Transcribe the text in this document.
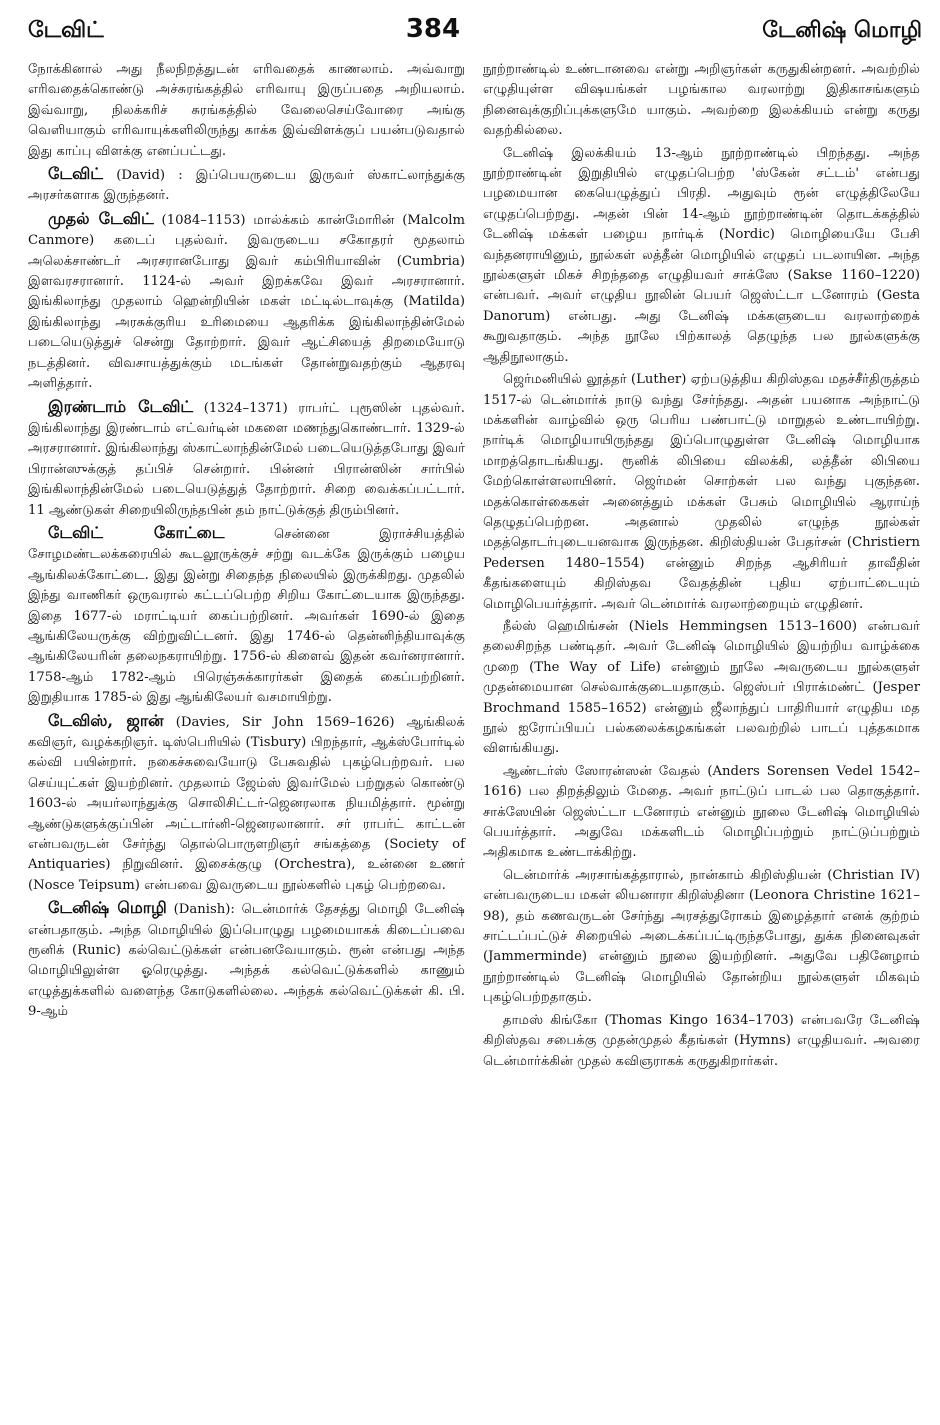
டேவிட்	384	டேனிஷ் மொழி

நோக்கினால் அது நீலநிறத்துடன் எரிவதைக் காணலாம். அவ்வாறு எரிவதைக்கொண்டு அச்சுரங்கத்தில் எரிவாயு இருப்பதை அறியலாம். இவ்வாறு, நிலக்கரிச் சுரங்கத்தில் வேலைசெய்வோரை அங்கு வெளியாகும் எரிவாயுக்களிலிருந்து காக்க இவ்விளக்குப் பயன்படுவதால் இது காப்பு விளக்கு எனப்பட்டது.

டேவிட் (David) : இப்பெயருடைய இருவர் ஸ்காட்லாந்துக்கு அரசர்களாக இருந்தனர்.

முதல் டேவிட் (1084–1153) மால்க்கம் கான்மோரின் (Malcolm Canmore) கடைப் புதல்வர். இவருடைய சகோதரர் மூதலாம் அலெக்சாண்டர் அரசரானபோது இவர் கம்பிரியாவின் (Cumbria) இளவரசரானார். 1124-ல் அவர் இறக்கவே இவர் அரசரானார். இங்கிலாந்து முதலாம் ஹென்றியின் மகள் மட்டில்டாவுக்கு (Matilda) இங்கிலாந்து அரசுக்குரிய உரிமையை ஆதரிக்க இங்கிலாந்தின்மேல் படையெடுத்துச் சென்று தோற்றார். இவர் ஆட்சியைத் திறமையோடு நடத்தினர். விவசாயத்துக்கும் மடங்கள் தோன்றுவதற்கும் ஆதரவு அளித்தார்.

இரண்டாம் டேவிட் (1324–1371) ராபர்ட் புரூஸின் புதல்வர். இங்கிலாந்து இரண்டாம் எட்வர்டின் மகளை மணந்துகொண்டார். 1329-ல் அரசரானார். இங்கிலாந்து ஸ்காட்லாந்தின்மேல் படையெடுத்தபோது இவர் பிரான்ஸுக்குத் தப்பிச் சென்றார். பின்னர் பிரான்ஸின் சார்பில் இங்கிலாந்தின்மேல் படையெடுத்துத் தோற்றார். சிறை வைக்கப்பட்டார். 11 ஆண்டுகள் சிறையிலிருந்தபின் தம் நாட்டுக்குத் திரும்பினர்.

டேவிட் கோட்டை சென்னை இராச்சியத்தில் சோழமண்டலக்கரையில் கூடலூருக்குச் சற்று வடக்கே இருக்கும் பழைய ஆங்கிலக்கோட்டை. இது இன்று சிதைந்த நிலையில் இருக்கிறது. முதலில் இந்து வாணிகர் ஒருவரால் கட்டப்பெற்ற சிறிய கோட்டையாக இருந்தது. இதை 1677-ல் மராட்டியர் கைப்பற்றினர். அவர்கள் 1690-ல் இதை ஆங்கிலேயருக்கு விற்றுவிட்டனர். இது 1746-ல் தென்னிந்தியாவுக்கு ஆங்கிலேயரின் தலைநகராயிற்று. 1756-ல் கிளைவ் இதன் கவர்னரானார். 1758-ஆம் 1782-ஆம் பிரெஞ்சுக்காரர்கள் இதைக் கைப்பற்றினர். இறுதியாக 1785-ல் இது ஆங்கிலேயர் வசமாயிற்று.

டேவிஸ், ஜான் (Davies, Sir John 1569–1626) ஆங்கிலக் கவிஞர், வழக்கறிஞர். டிஸ்பெரியில் (Tisbury) பிறந்தார், ஆக்ஸ்போர்டில் கல்வி பயின்றார். நகைச்சுவையோடு பேசுவதில் புகழ்பெற்றவர். பல செய்யுட்கள் இயற்றினர். முதலாம் ஜேம்ஸ் இவர்மேல் பற்றுதல் கொண்டு 1603-ல் அயர்லாந்துக்கு சொலிசிட்டர்-ஜெனரலாக நியமித்தார். மூன்று ஆண்டுகளுக்குப்பின் அட்டார்னி-ஜெனரலானார். சர் ராபர்ட் காட்டன் என்பவருடன் சேர்ந்து தொல்பொருளறிஞர் சங்கத்தை (Society of Antiquaries) நிறுவினர். இசைக்குழு (Orchestra), உன்னை உணர் (Nosce Teipsum) என்பவை இவருடைய நூல்களில் புகழ் பெற்றவை.

டேனிஷ் மொழி (Danish): டென்மார்க் தேசத்து மொழி டேனிஷ் என்பதாகும். அந்த மொழியில் இப்பொழுது பழமையாகக் கிடைப்பவை ரூனிக் (Runic) கல்வெட்டுக்கள் என்பனவேயாகும். ரூன் என்பது அந்த மொழியிலுள்ள ஓரெழுத்து. அந்தக் கல்வெட்டுக்களில் காணும் எழுத்துக்களில் வளைந்த கோடுகளில்லை. அந்தக் கல்வெட்டுக்கள் கி. பி. 9-ஆம்

நூற்றாண்டில் உண்டானவை என்று அறிஞர்கள் கருதுகின்றனர். அவற்றில் எழுதியுள்ள விஷயங்கள் பழங்கால வரலாற்று இதிகாசங்களும் நினைவுக்குறிப்புக்களுமே யாகும். அவற்றை இலக்கியம் என்று கருது வதற்கில்லை.

டேனிஷ் இலக்கியம் 13-ஆம் நூற்றாண்டில் பிறந்தது. அந்த நூற்றாண்டின் இறுதியில் எழுதப்பெற்ற 'ஸ்கேன் சட்டம்' என்பது பழமையான கையெழுத்துப் பிரதி. அதுவும் ரூன் எழுத்திலேயே எழுதப்பெற்றது. அதன் பின் 14-ஆம் நூற்றாண்டின் தொடக்கத்தில் டேனிஷ் மக்கள் பழைய நார்டிக் (Nordic) மொழியையே பேசி வந்தனராயினும், நூல்கள் லத்தீன் மொழியில் எழுதப் படலாயின. அந்த நூல்களுள் மிகச் சிறந்ததை எழுதியவர் சாக்ஸே (Sakse 1160–1220) என்பவர். அவர் எழுதிய நூலின் பெயர் ஜெஸ்ட்டா டனோரம் (Gesta Danorum) என்பது. அது டேனிஷ் மக்களுடைய வரலாற்றைக் கூறுவதாகும். அந்த நூலே பிற்காலத் தெழுந்த பல நூல்களுக்கு ஆதிநூலாகும்.

ஜெர்மனியில் லூத்தர் (Luther) ஏற்படுத்திய கிறிஸ்தவ மதச்சீர்திருத்தம் 1517-ல் டென்மார்க் நாடு வந்து சேர்ந்தது. அதன் பயனாக அந்நாட்டு மக்களின் வாழ்வில் ஒரு பெரிய பண்பாட்டு மாறுதல் உண்டாயிற்று. நார்டிக் மொழியாயிருந்தது இப்பொழுதுள்ள டேனிஷ் மொழியாக மாறத்தொடங்கியது. ரூனிக் லிபியை விலக்கி, லத்தீன் லிபியை மேற்கொள்ளலாயினர். ஜெர்மன் சொற்கள் பல வந்து புகுந்தன. மதக்கொள்கைகள் அனைத்தும் மக்கள் பேசும் மொழியில் ஆராய்ந் தெழுதப்பெற்றன. அதனால் முதலில் எழுந்த நூல்கள் மதத்தொடர்புடையனவாக இருந்தன. கிறிஸ்தியன் பேதர்சன் (Christiern Pedersen 1480–1554) என்னும் சிறந்த ஆசிரியர் தாவீதின் கீதங்களையும் கிறிஸ்தவ வேதத்தின் புதிய ஏற்பாட்டையும் மொழிபெயர்த்தார். அவர் டென்மார்க் வரலாற்றையும் எழுதினர்.

நீல்ஸ் ஹெமிங்சன் (Niels Hemmingsen 1513–1600) என்பவர் தலைசிறந்த பண்டிதர். அவர் டேனிஷ் மொழியில் இயற்றிய வாழ்க்கை முறை (The Way of Life) என்னும் நூலே அவருடைய நூல்களுள் முதன்மையான செல்வாக்குடையதாகும். ஜெஸ்பர் பிராக்மண்ட் (Jesper Brochmand 1585–1652) என்னும் ஜீலாந்துப் பாதிரியார் எழுதிய மத நூல் ஐரோப்பியப் பல்கலைக்கழகங்கள் பலவற்றில் பாடப் புத்தகமாக விளங்கியது.

ஆண்டர்ஸ் ஸோரன்ஸன் வேதல் (Anders Sorensen Vedel 1542–1616) பல திறத்திலும் மேதை. அவர் நாட்டுப் பாடல் பல தொகுத்தார். சாக்ஸேயின் ஜெஸ்ட்டா டனோரம் என்னும் நூலை டேனிஷ் மொழியில் பெயர்த்தார். அதுவே மக்களிடம் மொழிப்பற்றும் நாட்டுப்பற்றும் அதிகமாக உண்டாக்கிற்று.

டென்மார்க் அரசாங்கத்தாரால், நான்காம் கிறிஸ்தியன் (Christian IV) என்பவருடைய மகள் லியனாரா கிறிஸ்தினா (Leonora Christine 1621–98), தம் கணவருடன் சேர்ந்து அரசத்துரோகம் இழைத்தார் எனக் குற்றம் சாட்டப்பட்டுச் சிறையில் அடைக்கப்பட்டிருந்தபோது, துக்க நினைவுகள் (Jammerminde) என்னும் நூலை இயற்றினர். அதுவே பதினேழாம் நூற்றாண்டில் டேனிஷ் மொழியில் தோன்றிய நூல்களுள் மிகவும் புகழ்பெற்றதாகும்.

தாமஸ் கிங்கோ (Thomas Kingo 1634–1703) என்பவரே டேனிஷ் கிறிஸ்தவ சபைக்கு முதன்முதல் கீதங்கள் (Hymns) எழுதியவர். அவரை டென்மார்க்கின் முதல் கவிஞராகக் கருதுகிறார்கள்.
